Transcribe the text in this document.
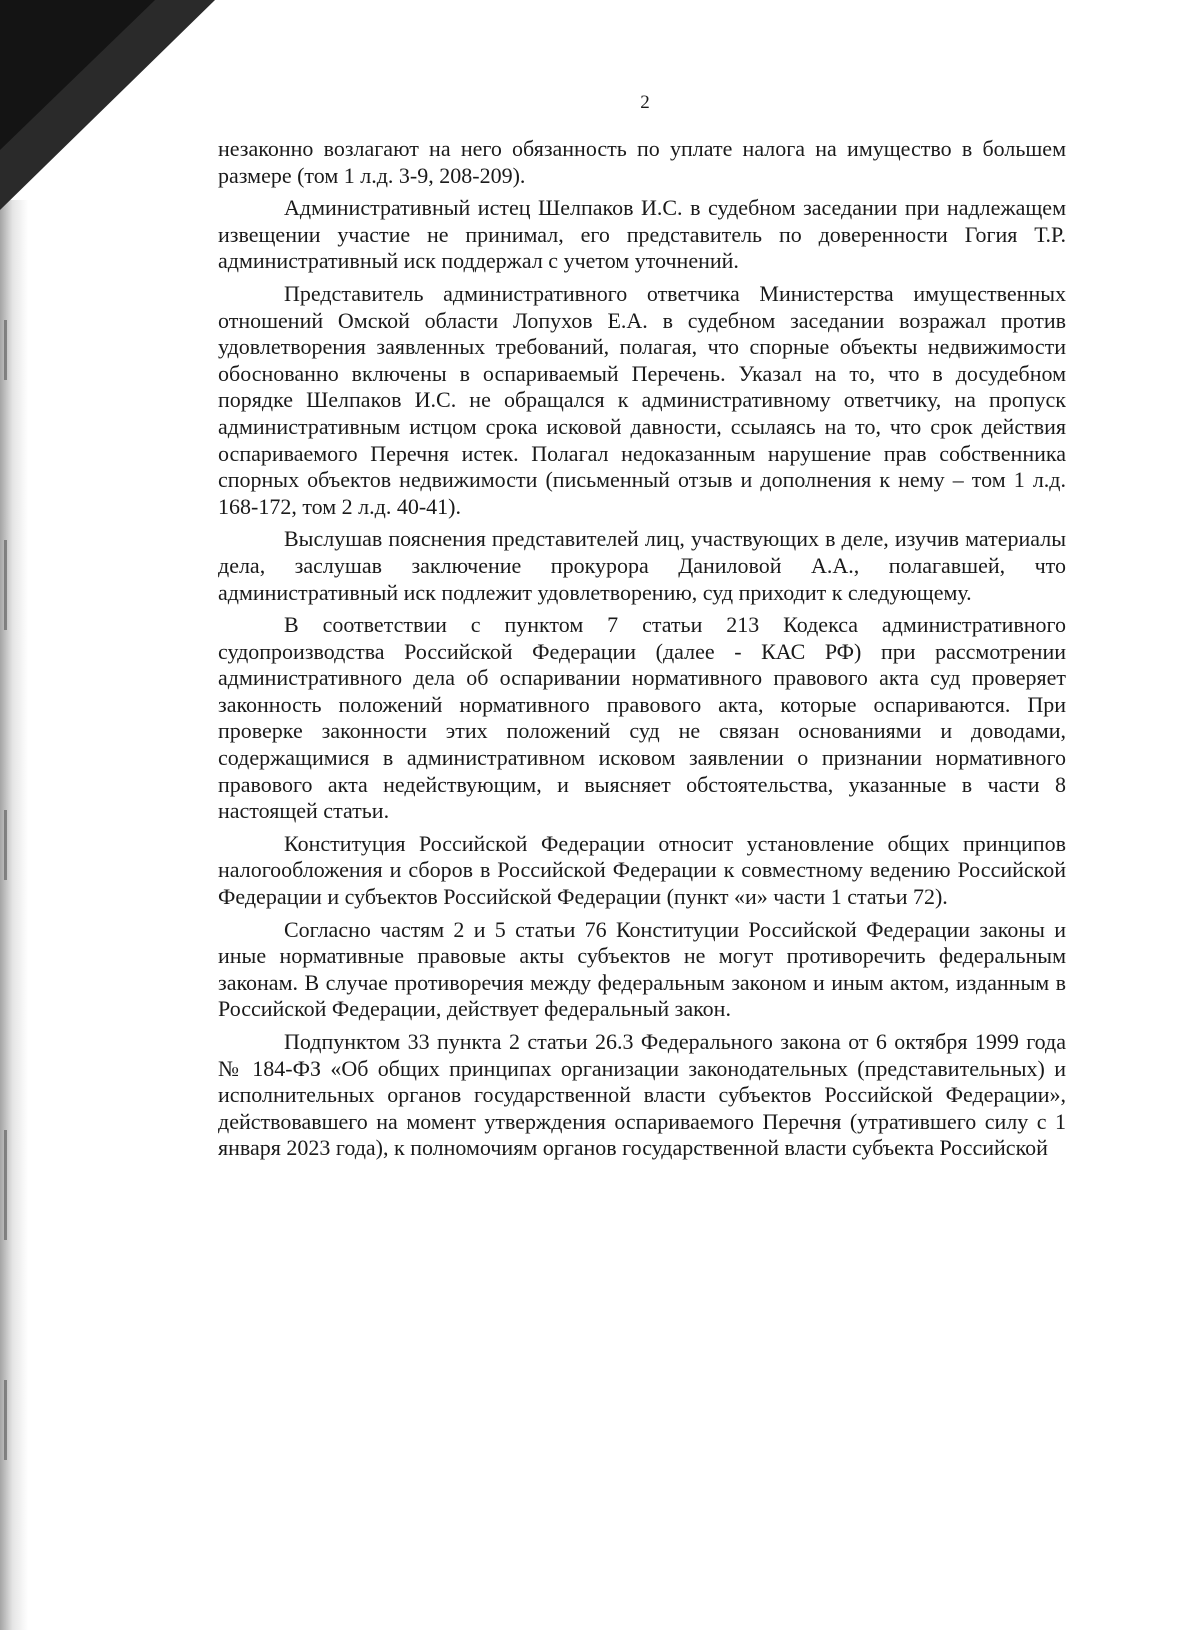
2

незаконно возлагают на него обязанность по уплате налога на имущество в большем размере (том 1 л.д. 3-9, 208-209).

Административный истец Шелпаков И.С. в судебном заседании при надлежащем извещении участие не принимал, его представитель по доверенности Гогия Т.Р. административный иск поддержал с учетом уточнений.

Представитель административного ответчика Министерства имущественных отношений Омской области Лопухов Е.А. в судебном заседании возражал против удовлетворения заявленных требований, полагая, что спорные объекты недвижимости обоснованно включены в оспариваемый Перечень. Указал на то, что в досудебном порядке Шелпаков И.С. не обращался к административному ответчику, на пропуск административным истцом срока исковой давности, ссылаясь на то, что срок действия оспариваемого Перечня истек. Полагал недоказанным нарушение прав собственника спорных объектов недвижимости (письменный отзыв и дополнения к нему – том 1 л.д. 168-172, том 2 л.д. 40-41).

Выслушав пояснения представителей лиц, участвующих в деле, изучив материалы дела, заслушав заключение прокурора Даниловой А.А., полагавшей, что административный иск подлежит удовлетворению, суд приходит к следующему.

В соответствии с пунктом 7 статьи 213 Кодекса административного судопроизводства Российской Федерации (далее - КАС РФ) при рассмотрении административного дела об оспаривании нормативного правового акта суд проверяет законность положений нормативного правового акта, которые оспариваются. При проверке законности этих положений суд не связан основаниями и доводами, содержащимися в административном исковом заявлении о признании нормативного правового акта недействующим, и выясняет обстоятельства, указанные в части 8 настоящей статьи.

Конституция Российской Федерации относит установление общих принципов налогообложения и сборов в Российской Федерации к совместному ведению Российской Федерации и субъектов Российской Федерации (пункт «и» части 1 статьи 72).

Согласно частям 2 и 5 статьи 76 Конституции Российской Федерации законы и иные нормативные правовые акты субъектов не могут противоречить федеральным законам. В случае противоречия между федеральным законом и иным актом, изданным в Российской Федерации, действует федеральный закон.

Подпунктом 33 пункта 2 статьи 26.3 Федерального закона от 6 октября 1999 года № 184-ФЗ «Об общих принципах организации законодательных (представительных) и исполнительных органов государственной власти субъектов Российской Федерации», действовавшего на момент утверждения оспариваемого Перечня (утратившего силу с 1 января 2023 года), к полномочиям органов государственной власти субъекта Российской
